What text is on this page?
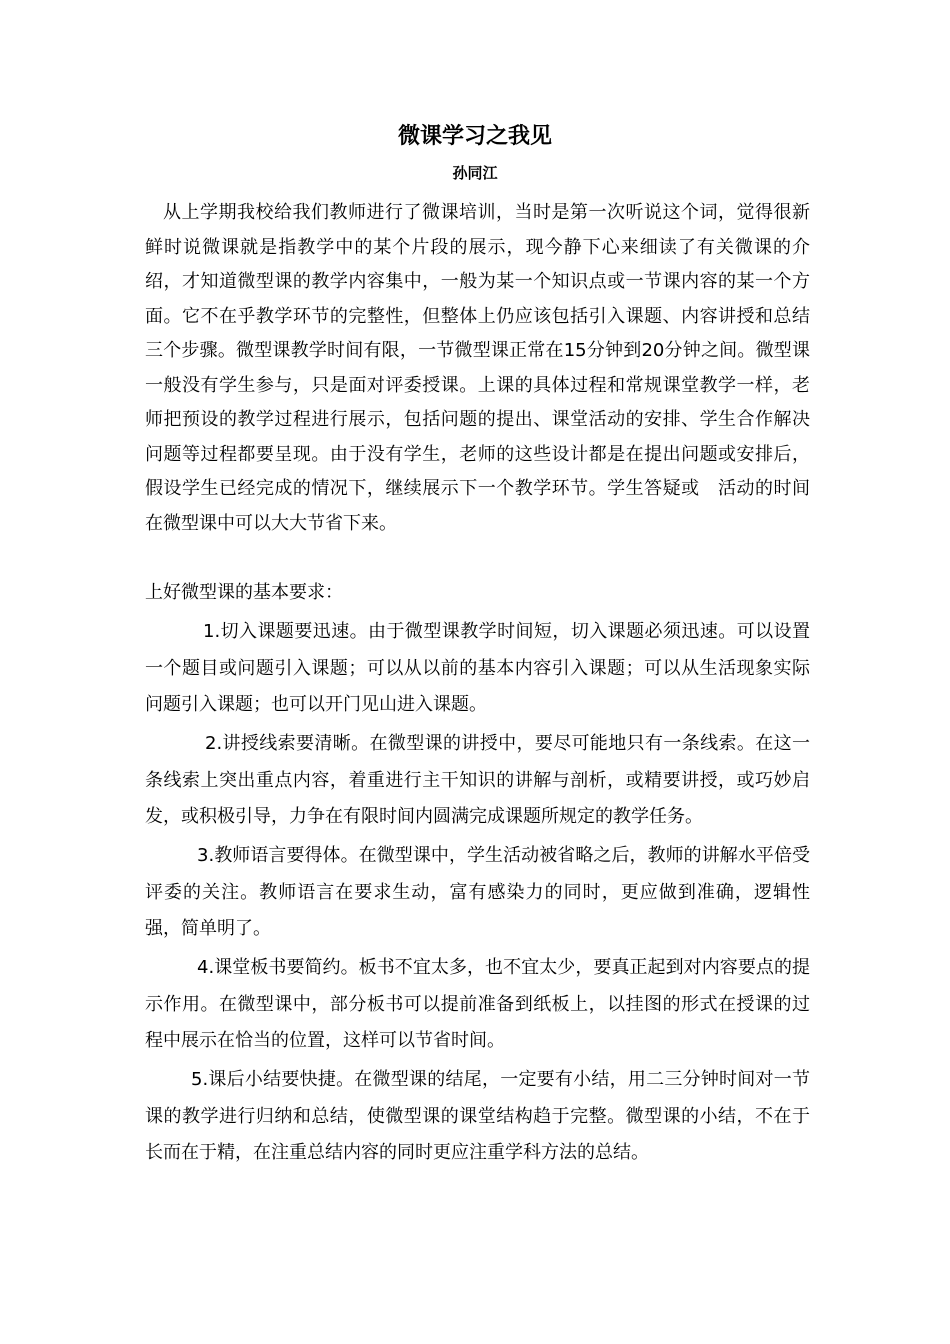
微课学习之我见
孙同江

从上学期我校给我们教师进行了微课培训，当时是第一次听说这个词，觉得很新鲜时说微课就是指教学中的某个片段的展示，现今静下心来细读了有关微课的介绍，才知道微型课的教学内容集中，一般为某一个知识点或一节课内容的某一个方面。它不在乎教学环节的完整性，但整体上仍应该包括引入课题、内容讲授和总结三个步骤。微型课教学时间有限，一节微型课正常在15分钟到20分钟之间。微型课一般没有学生参与，只是面对评委授课。上课的具体过程和常规课堂教学一样，老师把预设的教学过程进行展示，包括问题的提出、课堂活动的安排、学生合作解决问题等过程都要呈现。由于没有学生，老师的这些设计都是在提出问题或安排后，假设学生已经完成的情况下，继续展示下一个教学环节。学生答疑或　活动的时间在微型课中可以大大节省下来。

上好微型课的基本要求：

1.切入课题要迅速。由于微型课教学时间短，切入课题必须迅速。可以设置一个题目或问题引入课题；可以从以前的基本内容引入课题；可以从生活现象实际问题引入课题；也可以开门见山进入课题。

2.讲授线索要清晰。在微型课的讲授中，要尽可能地只有一条线索。在这一条线索上突出重点内容，着重进行主干知识的讲解与剖析，或精要讲授，或巧妙启发，或积极引导，力争在有限时间内圆满完成课题所规定的教学任务。

3.教师语言要得体。在微型课中，学生活动被省略之后，教师的讲解水平倍受评委的关注。教师语言在要求生动，富有感染力的同时，更应做到准确，逻辑性强，简单明了。

4.课堂板书要简约。板书不宜太多，也不宜太少，要真正起到对内容要点的提示作用。在微型课中，部分板书可以提前准备到纸板上，以挂图的形式在授课的过程中展示在恰当的位置，这样可以节省时间。

5.课后小结要快捷。在微型课的结尾，一定要有小结，用二三分钟时间对一节课的教学进行归纳和总结，使微型课的课堂结构趋于完整。微型课的小结，不在于长而在于精，在注重总结内容的同时更应注重学科方法的总结。
